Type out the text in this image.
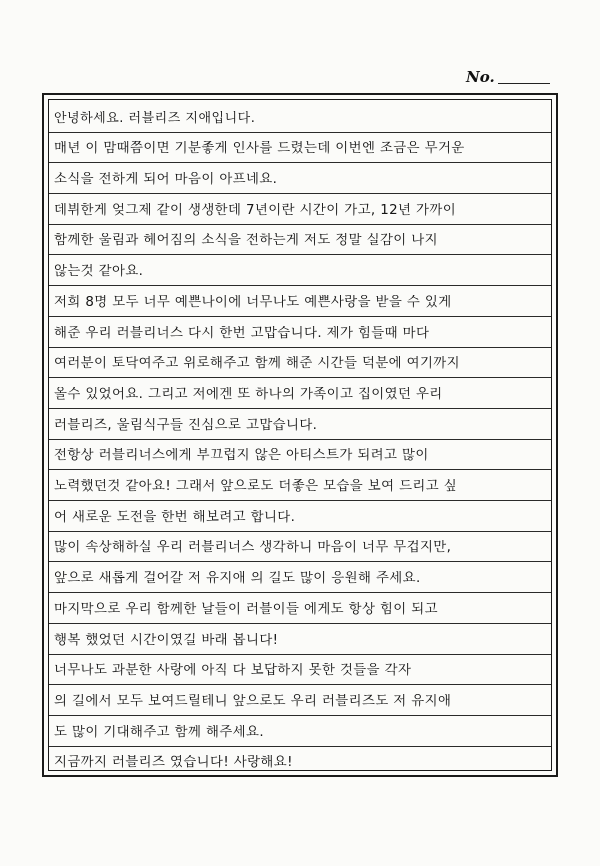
No.
안녕하세요. 러블리즈 지애입니다.
매년 이 맘때쯤이면 기분좋게 인사를 드렸는데 이번엔 조금은 무거운
소식을 전하게 되어 마음이 아프네요.
데뷔한게 엊그제 같이 생생한데 7년이란 시간이 가고, 12년 가까이
함께한 울림과 헤어짐의 소식을 전하는게 저도 정말 실감이 나지
않는것 같아요.
저희 8명 모두 너무 예쁜나이에 너무나도 예쁜사랑을 받을 수 있게
해준 우리 러블리너스 다시 한번 고맙습니다. 제가 힘들때 마다
여러분이 토닥여주고 위로해주고 함께 해준 시간들 덕분에 여기까지
올수 있었어요. 그리고 저에겐 또 하나의 가족이고 집이였던 우리
러블리즈, 울림식구들 진심으로 고맙습니다.
전항상 러블리너스에게 부끄럽지 않은 아티스트가 되려고 많이
노력했던것 같아요! 그래서 앞으로도 더좋은 모습을 보여 드리고 싶
어 새로운 도전을 한번 해보려고 합니다.
많이 속상해하실 우리 러블리너스 생각하니 마음이 너무 무겁지만,
앞으로 새롭게 걸어갈 저 유지애 의 길도 많이 응원해 주세요.
마지막으로 우리 함께한 날들이 러블이들 에게도 항상 힘이 되고
행복 했었던 시간이였길 바래 봅니다!
너무나도 과분한 사랑에 아직 다 보답하지 못한 것들을 각자
의 길에서 모두 보여드릴테니 앞으로도 우리 러블리즈도 저 유지애
도 많이 기대해주고 함께 해주세요.
지금까지 러블리즈 였습니다! 사랑해요!
